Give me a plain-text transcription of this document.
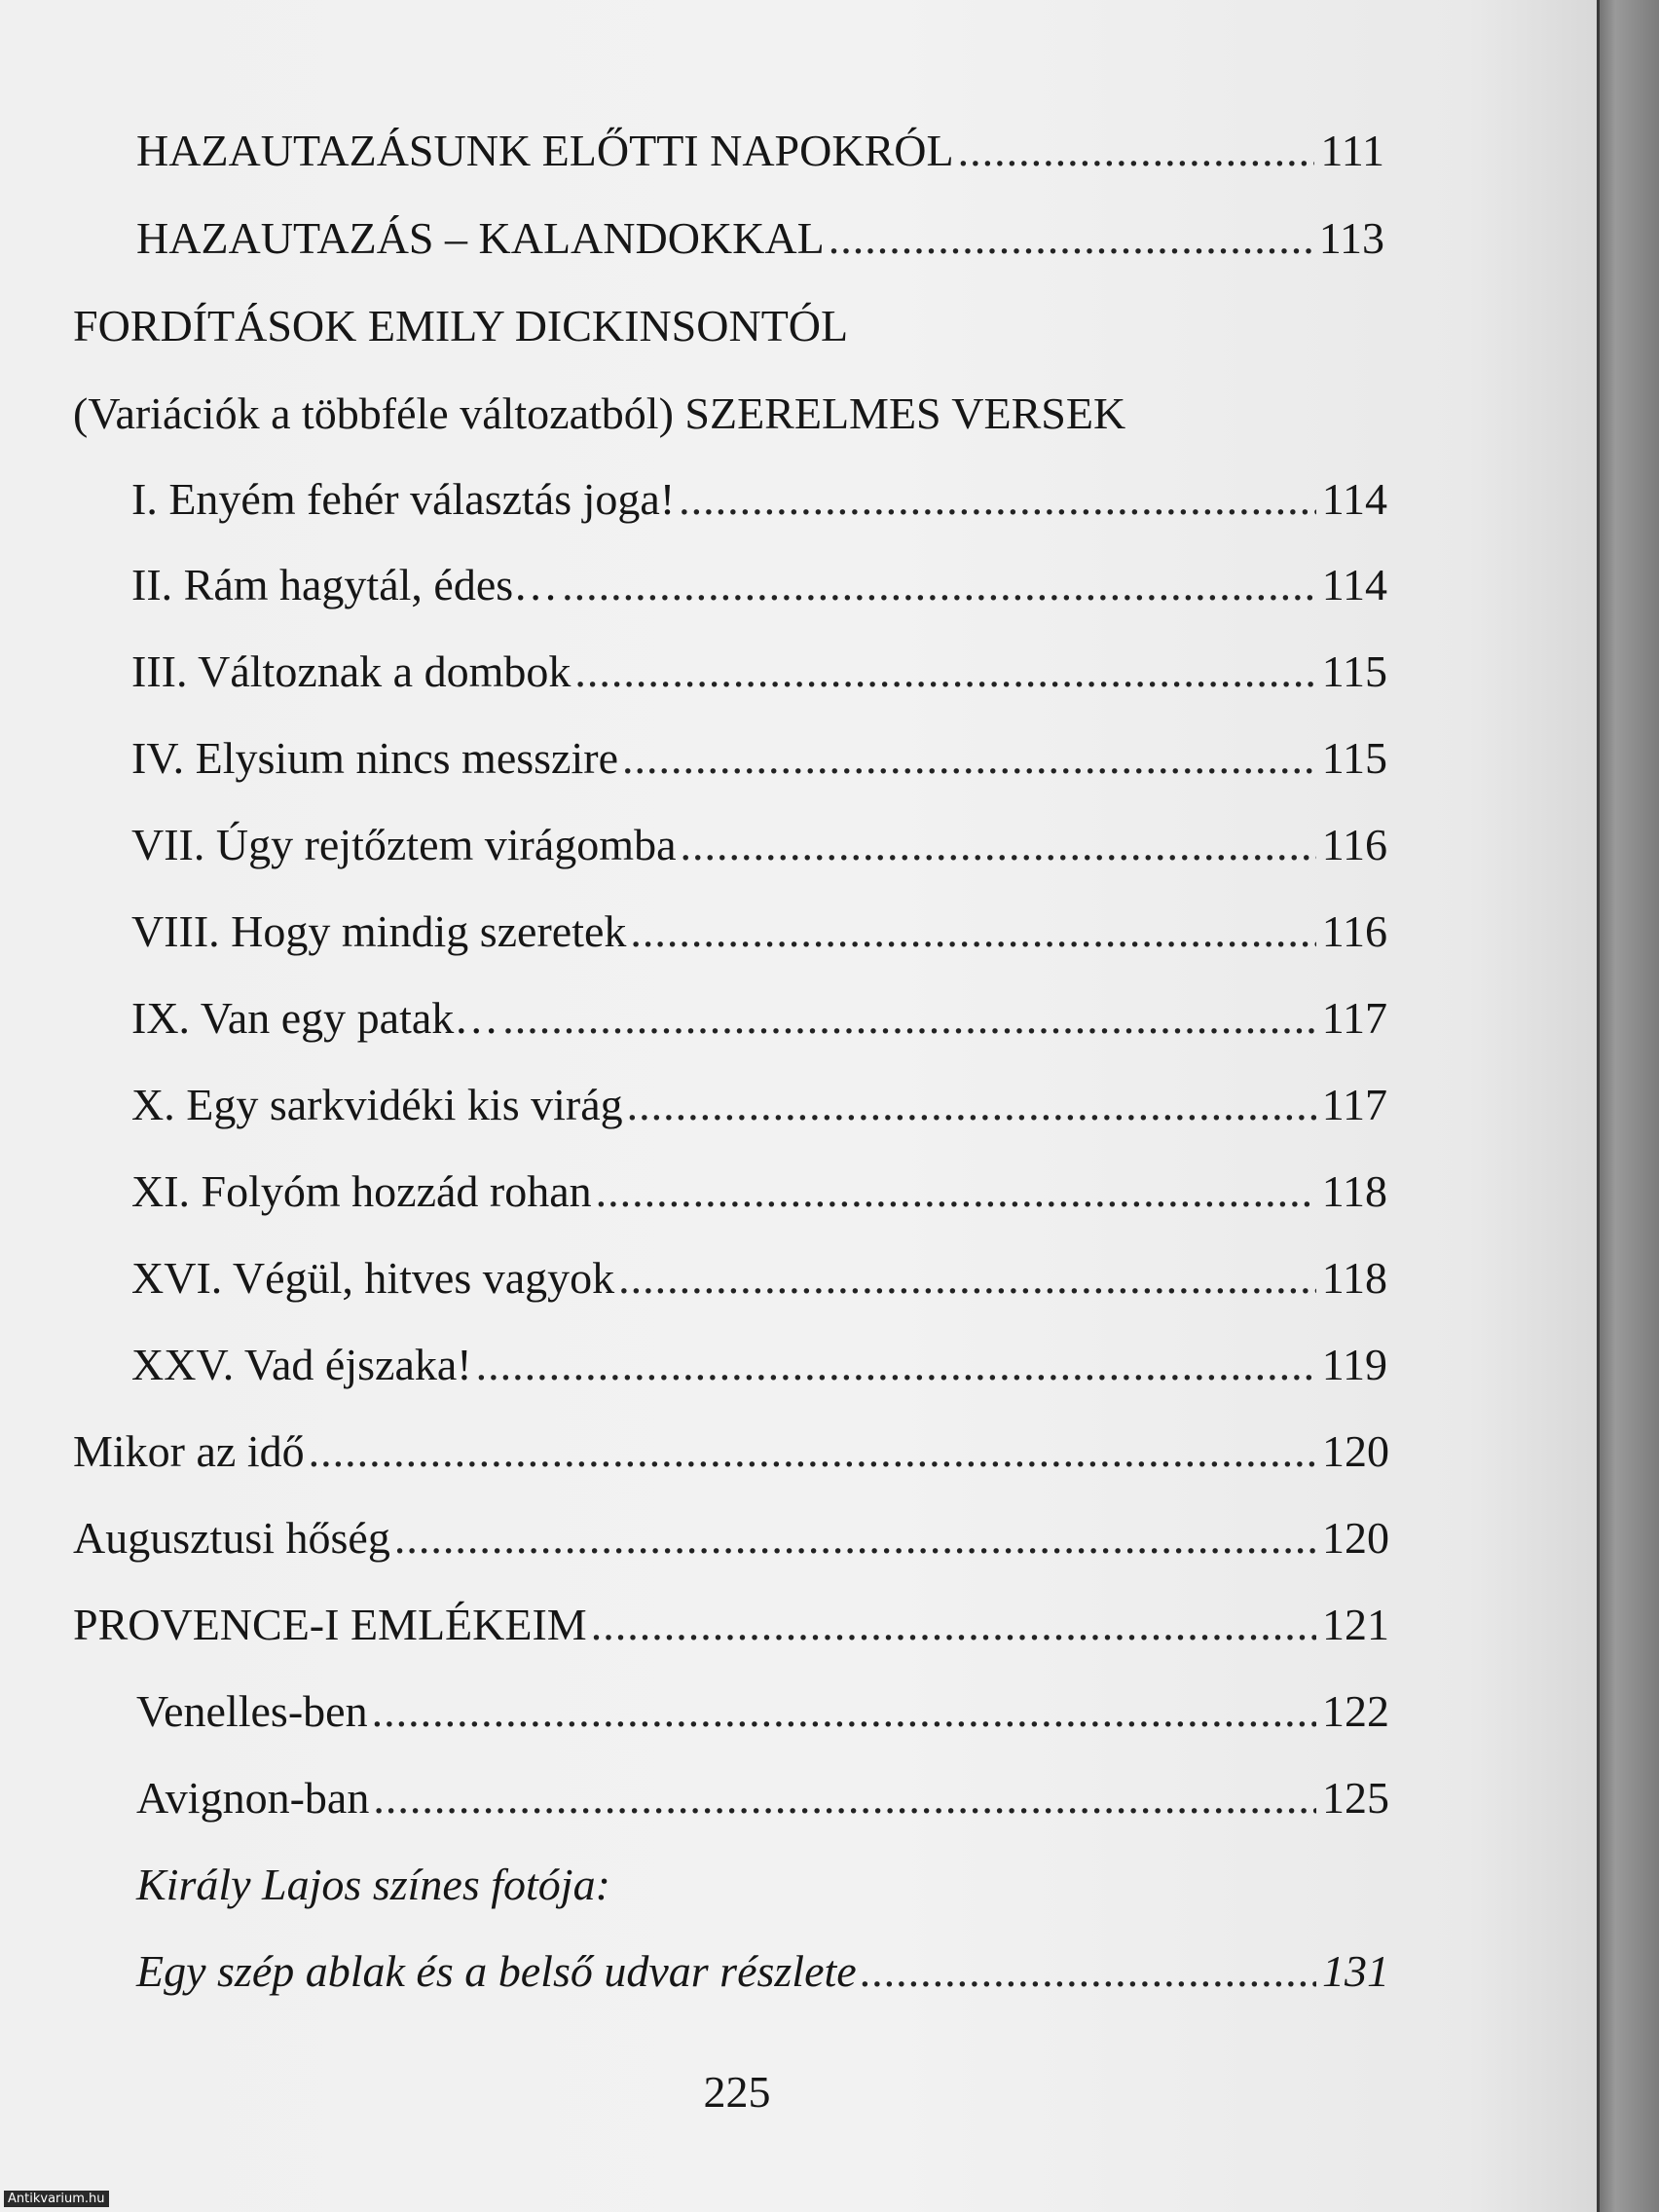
HAZAUTAZÁSUNK ELŐTTI NAPOKRÓL .....	111
HAZAUTAZÁS – KALANDOKKAL .....	113
FORDÍTÁSOK EMILY DICKINSONTÓL
(Variációk a többféle változatból) SZERELMES VERSEK
I. Enyém fehér választás joga! .....	114
II. Rám hagytál, édes… .....	114
III. Változnak a dombok .....	115
IV. Elysium nincs messzire .....	115
VII. Úgy rejtőztem virágomba .....	116
VIII. Hogy mindig szeretek .....	116
IX. Van egy patak… .....	117
X. Egy sarkvidéki kis virág .....	117
XI. Folyóm hozzád rohan .....	118
XVI. Végül, hitves vagyok .....	118
XXV. Vad éjszaka! .....	119
Mikor az idő .....	120
Augusztusi hőség .....	120
PROVENCE-I EMLÉKEIM .....	121
Venelles-ben .....	122
Avignon-ban .....	125
Király Lajos színes fotója:
Egy szép ablak és a belső udvar részlete .....	131
225
Antikvarium.hu
